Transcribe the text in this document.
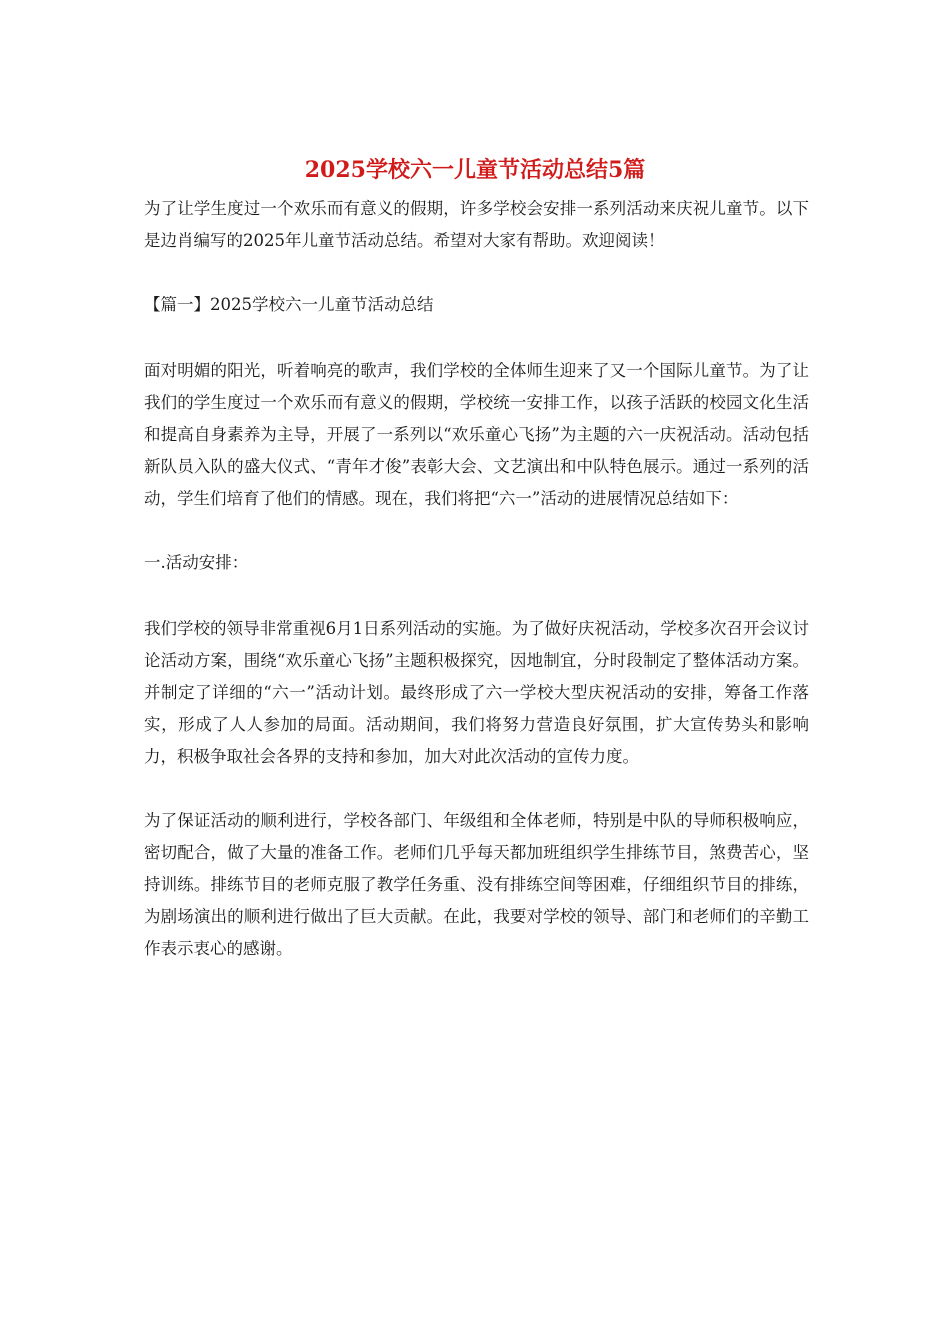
2025学校六一儿童节活动总结5篇

为了让学生度过一个欢乐而有意义的假期，许多学校会安排一系列活动来庆祝儿童节。以下是边肖编写的2025年儿童节活动总结。希望对大家有帮助。欢迎阅读！

【篇一】2025学校六一儿童节活动总结

面对明媚的阳光，听着响亮的歌声，我们学校的全体师生迎来了又一个国际儿童节。为了让我们的学生度过一个欢乐而有意义的假期，学校统一安排工作，以孩子活跃的校园文化生活和提高自身素养为主导，开展了一系列以“欢乐童心飞扬”为主题的六一庆祝活动。活动包括新队员入队的盛大仪式、“青年才俊”表彰大会、文艺演出和中队特色展示。通过一系列的活动，学生们培育了他们的情感。现在，我们将把“六一”活动的进展情况总结如下：

一.活动安排：

我们学校的领导非常重视6月1日系列活动的实施。为了做好庆祝活动，学校多次召开会议讨论活动方案，围绕“欢乐童心飞扬”主题积极探究，因地制宜，分时段制定了整体活动方案。并制定了详细的“六一”活动计划。最终形成了六一学校大型庆祝活动的安排，筹备工作落实，形成了人人参加的局面。活动期间，我们将努力营造良好氛围，扩大宣传势头和影响力，积极争取社会各界的支持和参加，加大对此次活动的宣传力度。

为了保证活动的顺利进行，学校各部门、年级组和全体老师，特别是中队的导师积极响应，密切配合，做了大量的准备工作。老师们几乎每天都加班组织学生排练节目，煞费苦心，坚持训练。排练节目的老师克服了教学任务重、没有排练空间等困难，仔细组织节目的排练，为剧场演出的顺利进行做出了巨大贡献。在此，我要对学校的领导、部门和老师们的辛勤工作表示衷心的感谢。
